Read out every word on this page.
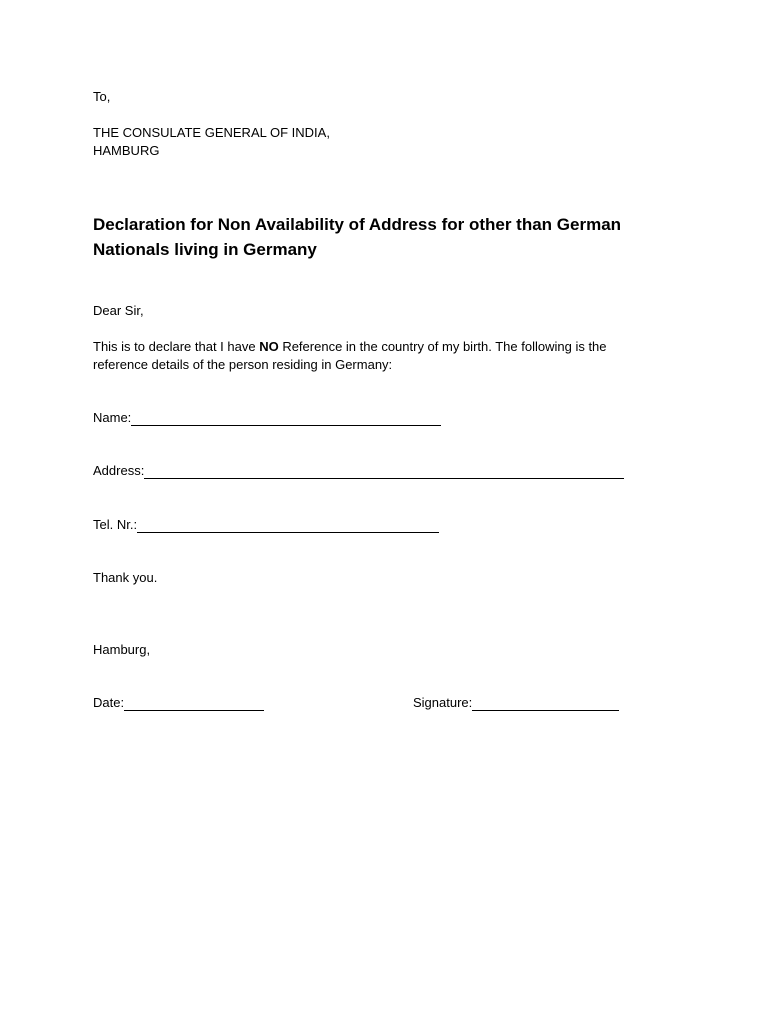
To,
THE CONSULATE GENERAL OF INDIA,
HAMBURG
Declaration for Non Availability of Address for other than German
Nationals living in Germany
Dear Sir,
This is to declare that I have NO Reference in the country of my birth. The following is the
reference details of the person residing in Germany:
Name:
Address:
Tel. Nr.:
Thank you.
Hamburg,
Date:	Signature:
